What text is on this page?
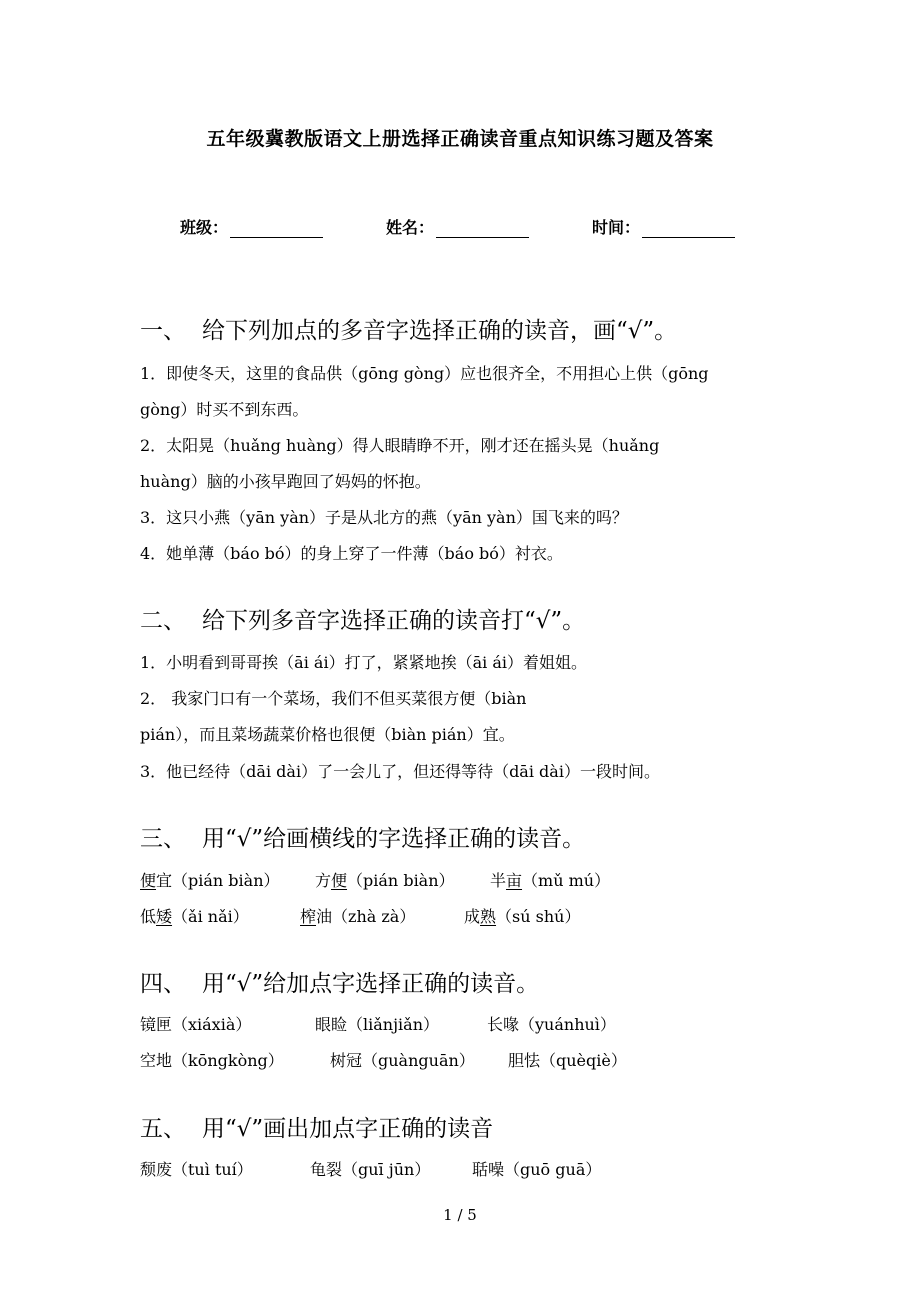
五年级冀教版语文上册选择正确读音重点知识练习题及答案
班级：	姓名：	时间：
一、 给下列加点的多音字选择正确的读音，画“√”。
1．即使冬天，这里的食品供（gōng gòng）应也很齐全，不用担心上供（gōng
gòng）时买不到东西。
2．太阳晃（huǎng huàng）得人眼睛睁不开，刚才还在摇头晃（huǎng
huàng）脑的小孩早跑回了妈妈的怀抱。
3．这只小燕（yān yàn）子是从北方的燕（yān yàn）国飞来的吗？
4．她单薄（báo bó）的身上穿了一件薄（báo bó）衬衣。
二、 给下列多音字选择正确的读音打“√”。
1．小明看到哥哥挨（āi ái）打了，紧紧地挨（āi ái）着姐姐。
2． 我家门口有一个菜场，我们不但买菜很方便（biàn
pián），而且菜场蔬菜价格也很便（biàn pián）宜。
3．他已经待（dāi dài）了一会儿了，但还得等待（dāi dài）一段时间。
三、 用“√”给画横线的字选择正确的读音。
便宜（pián biàn） 方便（pián biàn） 半亩（mǔ mú）
低矮（ǎi nǎi）	榨油（zhà zà）	成熟（sú shú）
四、 用“√”给加点字选择正确的读音。
镜匣（xiáxià）	眼睑（liǎnjiǎn）	长喙（yuánhuì）
空地（kōngkòng）	树冠（guànguān） 胆怯（quèqiè）
五、 用“√”画出加点字正确的读音
颓废（tuì tuí）	龟裂（guī jūn）	聒噪（guō guā）
1 / 5
